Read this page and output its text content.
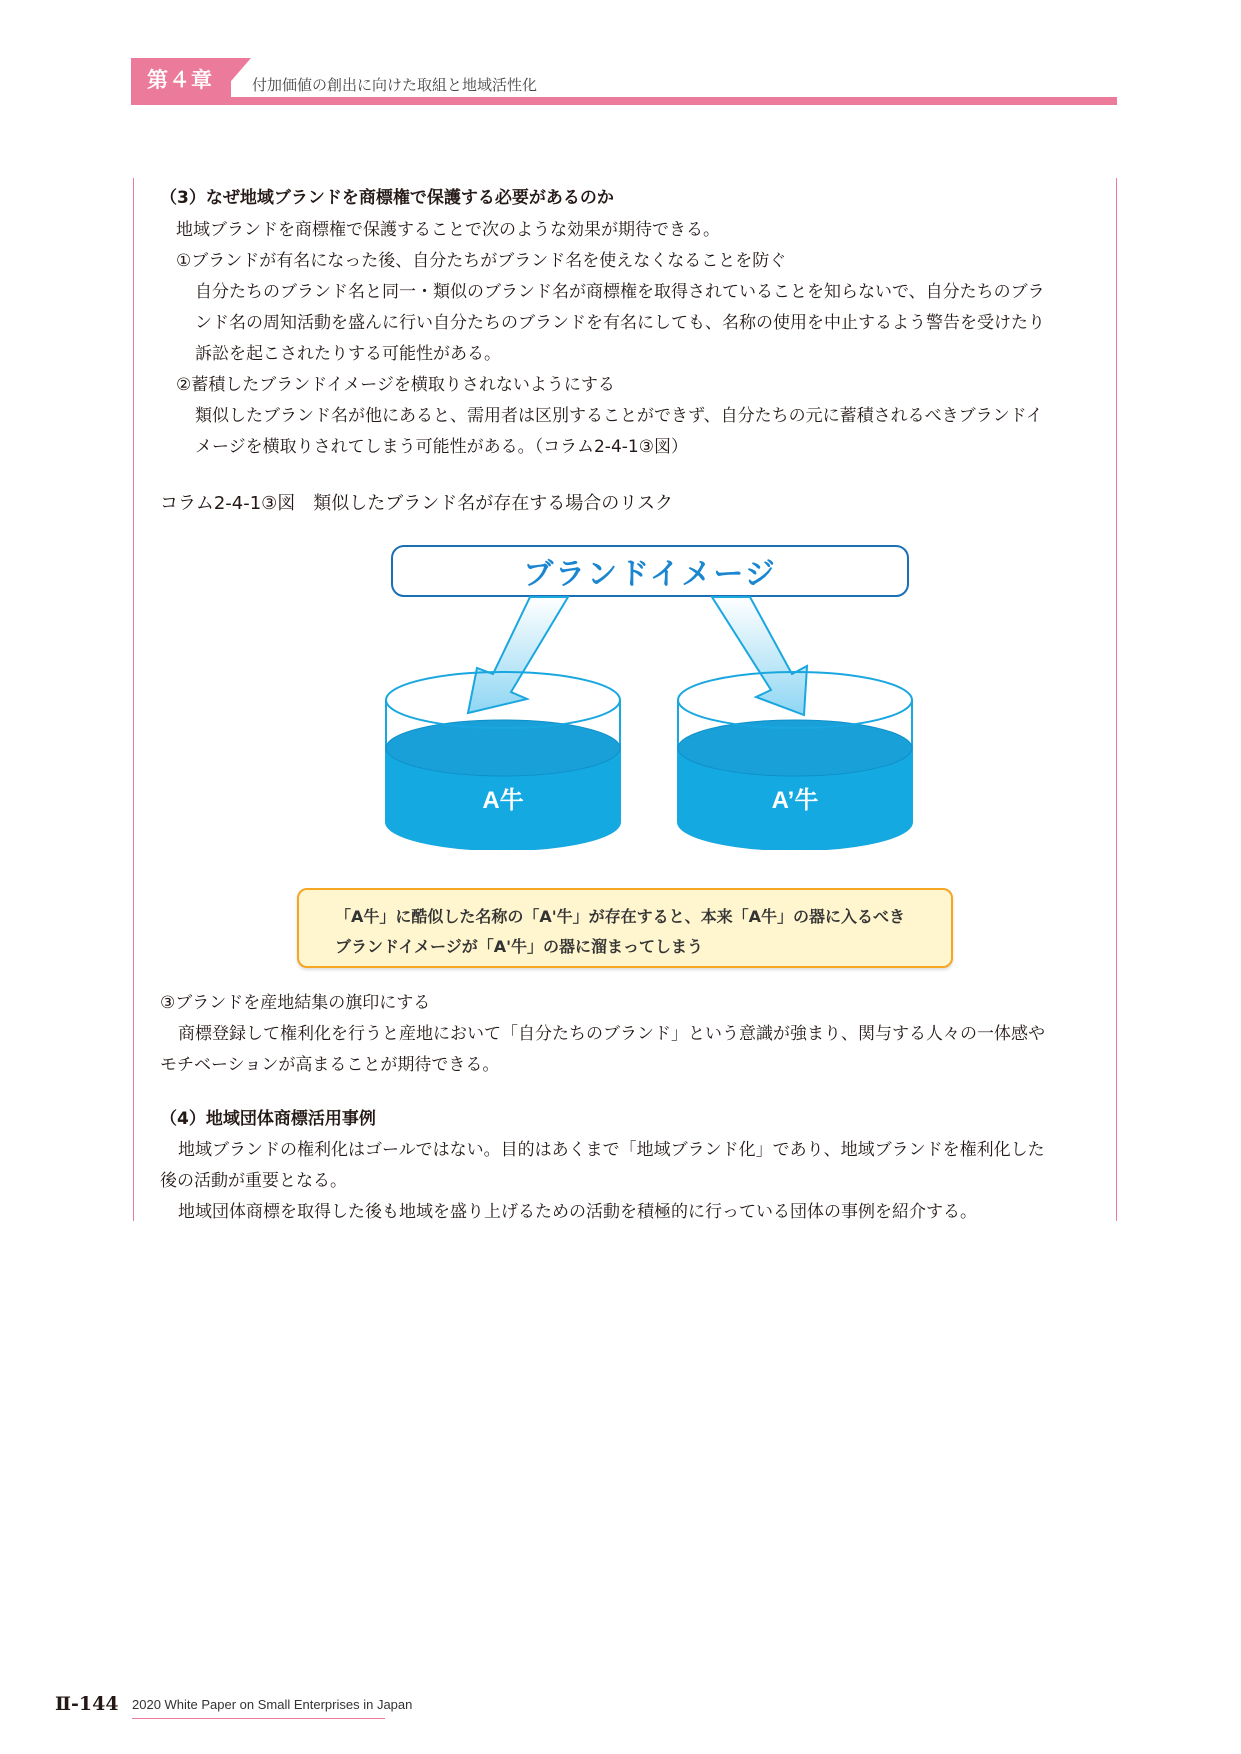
第４章	付加価値の創出に向けた取組と地域活性化
（3）なぜ地域ブランドを商標権で保護する必要があるのか
地域ブランドを商標権で保護することで次のような効果が期待できる。
①ブランドが有名になった後、自分たちがブランド名を使えなくなることを防ぐ
自分たちのブランド名と同一・類似のブランド名が商標権を取得されていることを知らないで、自分たちのブラ
ンド名の周知活動を盛んに行い自分たちのブランドを有名にしても、名称の使用を中止するよう警告を受けたり
訴訟を起こされたりする可能性がある。
②蓄積したブランドイメージを横取りされないようにする
類似したブランド名が他にあると、需用者は区別することができず、自分たちの元に蓄積されるべきブランドイ
メージを横取りされてしまう可能性がある。（コラム2-4-1③図）
コラム2-4-1③図　類似したブランド名が存在する場合のリスク
ブランドイメージ
A牛	A’牛
「A牛」に酷似した名称の「A'牛」が存在すると、本来「A牛」の器に入るべき
ブランドイメージが「A'牛」の器に溜まってしまう
③ブランドを産地結集の旗印にする
商標登録して権利化を行うと産地において「自分たちのブランド」という意識が強まり、関与する人々の一体感や
モチベーションが高まることが期待できる。
（4）地域団体商標活用事例
地域ブランドの権利化はゴールではない。目的はあくまで「地域ブランド化」であり、地域ブランドを権利化した
後の活動が重要となる。
地域団体商標を取得した後も地域を盛り上げるための活動を積極的に行っている団体の事例を紹介する。
Ⅱ-144 2020 White Paper on Small Enterprises in Japan
